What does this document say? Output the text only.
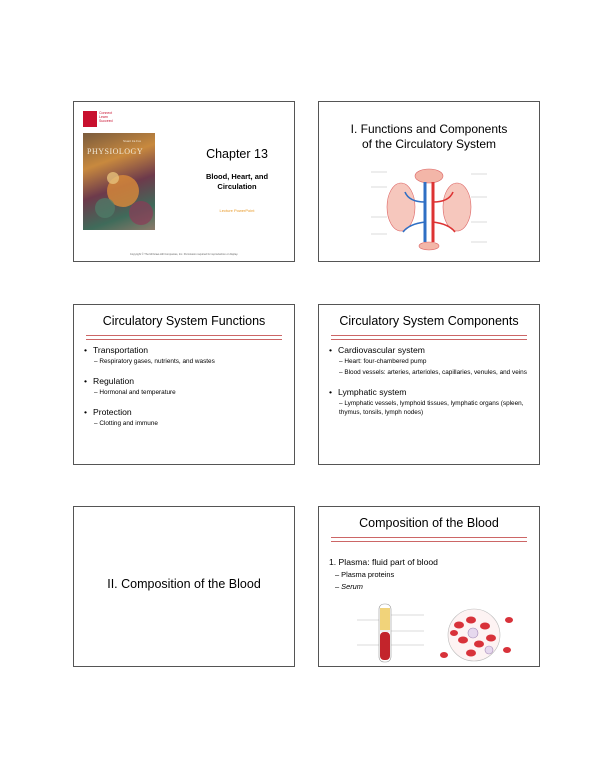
Connect
Learn
Succeed
Stuart Ira Fox
PHYSIOLOGY	Chapter 13
Blood, Heart, and
Circulation
Lecture PowerPoint
Copyright © The McGraw-Hill Companies, Inc. Permission required for reproduction or display.
I. Functions and Components
of the Circulatory System
Circulatory System Functions
• Transportation
– Respiratory gases, nutrients, and wastes
• Regulation
– Hormonal and temperature
• Protection
– Clotting and immune
Circulatory System Components
• Cardiovascular system
– Heart: four-chambered pump
– Blood vessels: arteries, arterioles, capillaries, venules, and veins
• Lymphatic system
– Lymphatic vessels, lymphoid tissues, lymphatic organs (spleen, thymus, tonsils, lymph nodes)
II. Composition of the Blood
Composition of the Blood
1. Plasma: fluid part of blood
– Plasma proteins
– Serum
